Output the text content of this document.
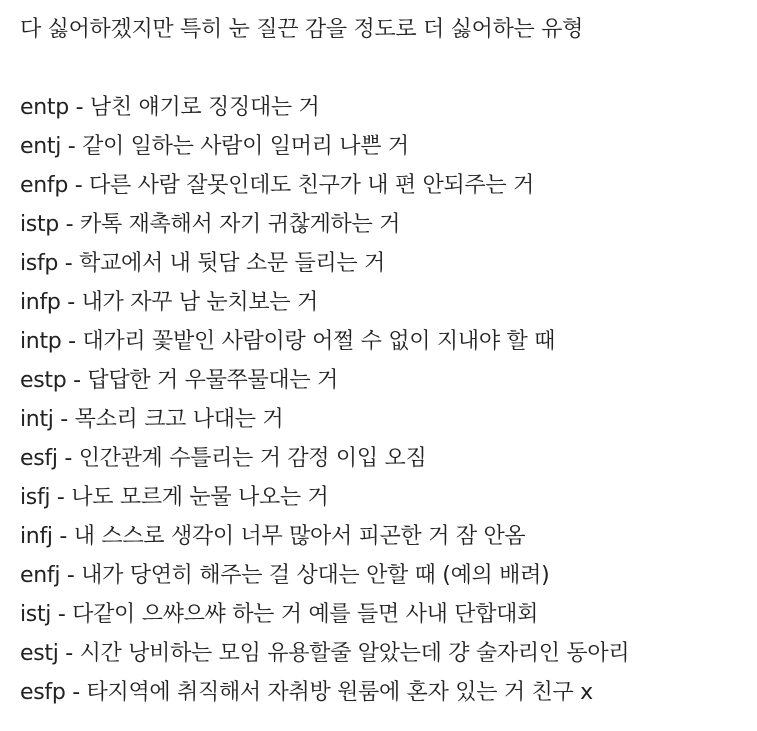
다 싫어하겠지만 특히 눈 질끈 감을 정도로 더 싫어하는 유형
entp - 남친 얘기로 징징대는 거
entj - 같이 일하는 사람이 일머리 나쁜 거
enfp - 다른 사람 잘못인데도 친구가 내 편 안되주는 거
istp - 카톡 재촉해서 자기 귀찮게하는 거
isfp - 학교에서 내 뒷담 소문 들리는 거
infp - 내가 자꾸 남 눈치보는 거
intp - 대가리 꽃밭인 사람이랑 어쩔 수 없이 지내야 할 때
estp - 답답한 거 우물쭈물대는 거
intj - 목소리 크고 나대는 거
esfj - 인간관계 수틀리는 거 감정 이입 오짐
isfj - 나도 모르게 눈물 나오는 거
infj - 내 스스로 생각이 너무 많아서 피곤한 거 잠 안옴
enfj - 내가 당연히 해주는 걸 상대는 안할 때 (예의 배려)
istj - 다같이 으쌰으쌰 하는 거 예를 들면 사내 단합대회
estj - 시간 낭비하는 모임 유용할줄 알았는데 걍 술자리인 동아리
esfp - 타지역에 취직해서 자취방 원룸에 혼자 있는 거 친구 x
